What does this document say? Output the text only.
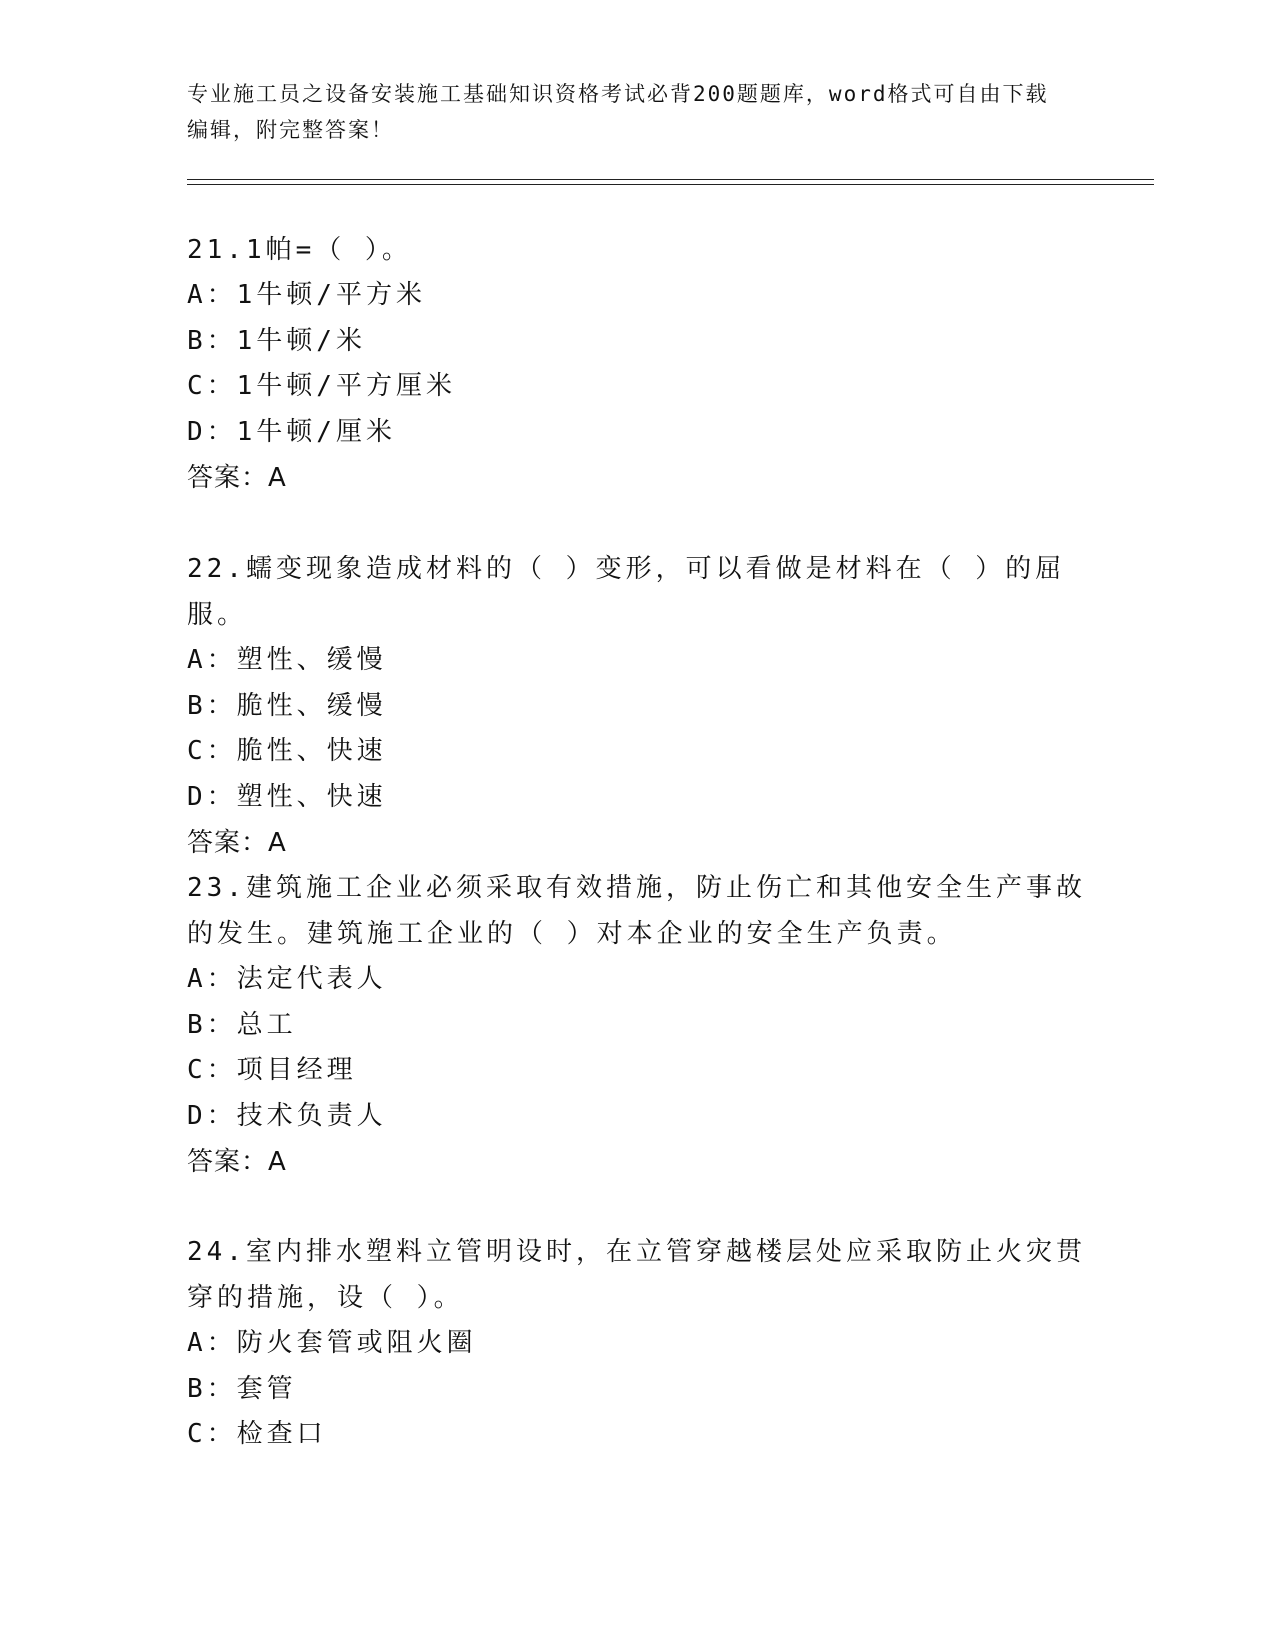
专业施工员之设备安装施工基础知识资格考试必背200题题库，word格式可自由下载编辑，附完整答案！

21.1帕=（ ）。

A：1牛顿/平方米

B：1牛顿/米

C：1牛顿/平方厘米

D：1牛顿/厘米

答案：A

22.蠕变现象造成材料的（ ）变形，可以看做是材料在（ ）的屈服。

A：塑性、缓慢

B：脆性、缓慢

C：脆性、快速

D：塑性、快速

答案：A

23.建筑施工企业必须采取有效措施，防止伤亡和其他安全生产事故的发生。建筑施工企业的（ ）对本企业的安全生产负责。

A：法定代表人

B：总工

C：项目经理

D：技术负责人

答案：A

24.室内排水塑料立管明设时，在立管穿越楼层处应采取防止火灾贯穿的措施，设（ ）。

A：防火套管或阻火圈

B：套管

C：检查口
